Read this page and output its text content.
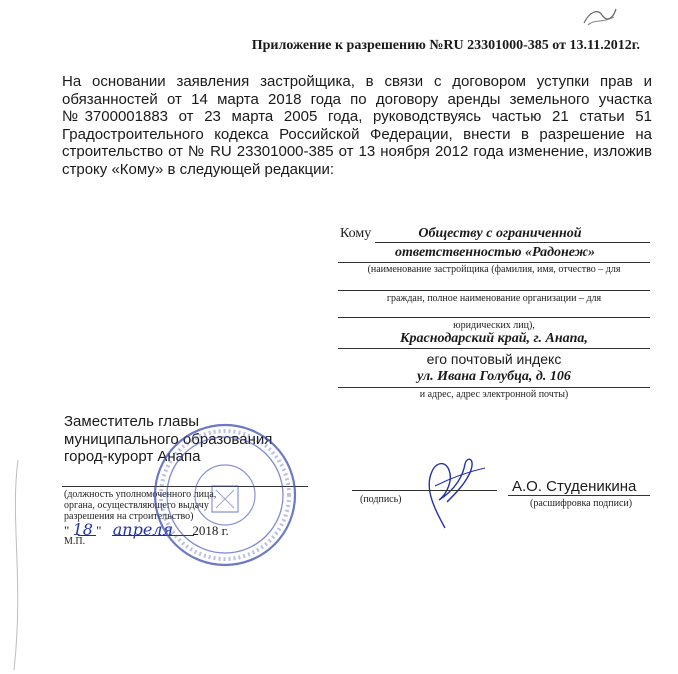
Приложение к разрешению №RU 23301000-385 от 13.11.2012г.
На основании заявления застройщика, в связи с договором уступки прав и обязанностей от 14 марта 2018 года по договору аренды земельного участка №3700001883 от 23 марта 2005 года, руководствуясь частью 21 статьи 51 Градостроительного кодекса Российской Федерации, внести в разрешение на строительство от № RU 23301000-385 от 13 ноября 2012 года изменение, изложив строку «Кому» в следующей редакции:
Кому	Обществу с ограниченной
ответственностью «Радонеж»
(наименование застройщика (фамилия, имя, отчество – для
граждан, полное наименование организации – для
юридических лиц),
Краснодарский край, г. Анапа,
его почтовый индекс
ул. Ивана Голубца, д. 106
и адрес, адрес электронной почты)
Заместитель главы
муниципального образования
город-курорт Анапа
(должность уполномоченного лица,
органа, осуществляющего выдачу
разрешения на строительство)
" 18 " апреля 2018 г.
М.П.
(подпись)
А.О. Студеникина
(расшифровка подписи)
